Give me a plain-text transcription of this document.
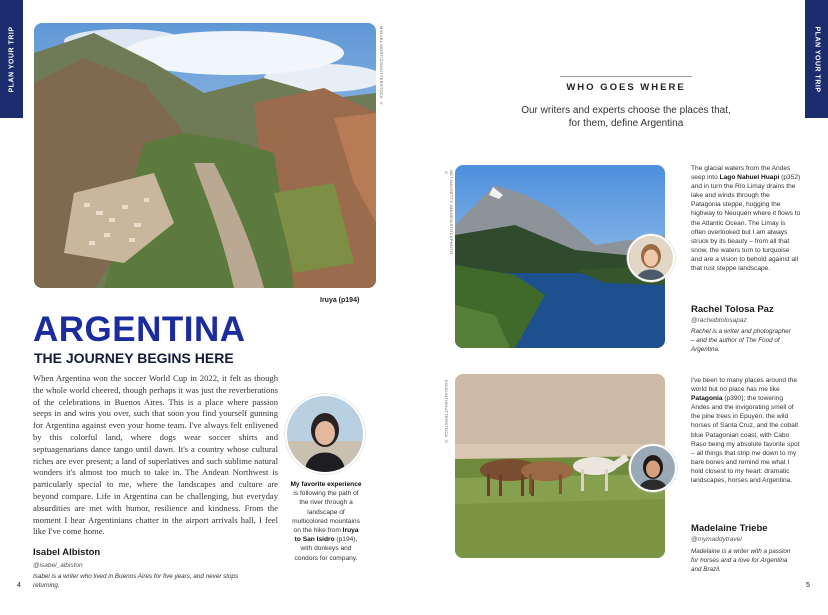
PLAN YOUR TRIP	PLAN YOUR TRIP
MIGUEL MORTIZ/SHUTTERSTOCK ©
Iruya (p194)
ARGENTINA
THE JOURNEY BEGINS HERE
When Argentina won the soccer World Cup in 2022, it felt as though the whole world cheered, though perhaps it was just the reverberations of the celebrations in Buenos Aires. This is a place where passion seeps in and wins you over, such that soon you find yourself gunning for Argentina against even your home team. I've always felt enlivened by this colorful land, where dogs wear soccer shirts and septuagenarians dance tango until dawn. It's a country whose cultural riches are ever present; a land of superlatives and such sublime natural wonders it's almost too much to take in. The Andean Northwest is particularly special to me, where the landscapes and culture are beyond compare. Life in Argentina can be challenging, but everyday absurdities are met with humor, resilience and kindness. From the moment I hear Argentinians chatter in the airport arrivals hall, I feel like I've come home.
Isabel Albiston
@isabel_albiston
Isabel is a writer who lived in Buenos Aires for five years, and never stops returning.
4
My favorite experience is following the path of the river through a landscape of multicolored mountains on the hike from Iruya to San Isidro (p194), with donkeys and condors for company.
WHO GOES WHERE
Our writers and experts choose the places that, for them, define Argentina
NETJAK/GETTY IMAGES/STOCKPHOTO ©
The glacial waters from the Andes seep into Lago Nahuel Huapi (p352) and in turn the Río Limay drains the lake and winds through the Patagonia steppe, hugging the highway to Neuquén where it flows to the Atlantic Ocean. The Limay is often overlooked but I am always struck by its beauty – from all that snow, the waters turn to turquoise and are a vision to behold against all that rust steppe landscape.
Rachel Tolosa Paz
@rachelbtolosapaz
Rachel is a writer and photographer – and the author of The Food of Argentina.
KIKOUNT/SHUTTERSTOCK ©	I've been to many places around the world but no place has me like Patagonia (p390); the towering Andes and the invigorating smell of the pine trees in Epuyén, the wild horses of Santa Cruz, and the cobalt blue Patagonian coast, with Cabo Raso being my absolute favorite spot – all things that strip me down to my bare bones and remind me what I hold closest to my heart: dramatic landscapes, horses and Argentina.
Madelaine Triebe
@mymaddytravel
Madelaine is a writer with a passion for horses and a love for Argentina and Brazil.
5
